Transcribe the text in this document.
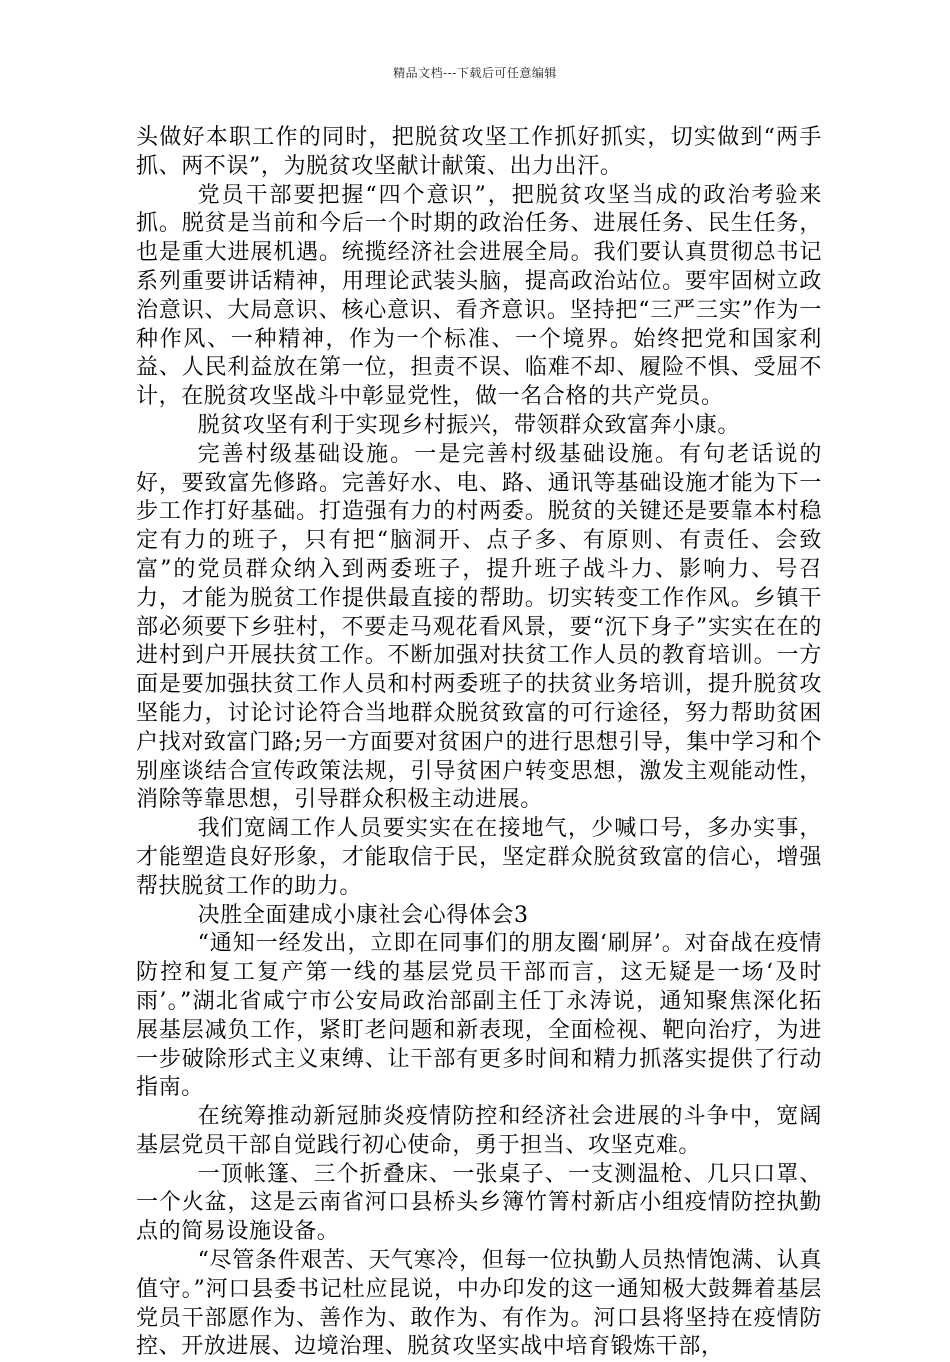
精品文档---下载后可任意编辑

头做好本职工作的同时，把脱贫攻坚工作抓好抓实，切实做到“两手抓、两不误”，为脱贫攻坚献计献策、出力出汗。

党员干部要把握“四个意识”，把脱贫攻坚当成的政治考验来抓。脱贫是当前和今后一个时期的政治任务、进展任务、民生任务，也是重大进展机遇。统揽经济社会进展全局。我们要认真贯彻总书记系列重要讲话精神，用理论武装头脑，提高政治站位。要牢固树立政治意识、大局意识、核心意识、看齐意识。坚持把“三严三实”作为一种作风、一种精神，作为一个标准、一个境界。始终把党和国家利益、人民利益放在第一位，担责不误、临难不却、履险不惧、受屈不计，在脱贫攻坚战斗中彰显党性，做一名合格的共产党员。

脱贫攻坚有利于实现乡村振兴，带领群众致富奔小康。

完善村级基础设施。一是完善村级基础设施。有句老话说的好，要致富先修路。完善好水、电、路、通讯等基础设施才能为下一步工作打好基础。打造强有力的村两委。脱贫的关键还是要靠本村稳定有力的班子，只有把“脑洞开、点子多、有原则、有责任、会致富”的党员群众纳入到两委班子，提升班子战斗力、影响力、号召力，才能为脱贫工作提供最直接的帮助。切实转变工作作风。乡镇干部必须要下乡驻村，不要走马观花看风景，要“沉下身子”实实在在的进村到户开展扶贫工作。不断加强对扶贫工作人员的教育培训。一方面是要加强扶贫工作人员和村两委班子的扶贫业务培训，提升脱贫攻坚能力，讨论讨论符合当地群众脱贫致富的可行途径，努力帮助贫困户找对致富门路;另一方面要对贫困户的进行思想引导，集中学习和个别座谈结合宣传政策法规，引导贫困户转变思想，激发主观能动性，消除等靠思想，引导群众积极主动进展。

我们宽阔工作人员要实实在在接地气，少喊口号，多办实事，才能塑造良好形象，才能取信于民，坚定群众脱贫致富的信心，增强帮扶脱贫工作的助力。

决胜全面建成小康社会心得体会3

“通知一经发出，立即在同事们的朋友圈‘刷屏’。对奋战在疫情防控和复工复产第一线的基层党员干部而言，这无疑是一场‘及时雨’。”湖北省咸宁市公安局政治部副主任丁永涛说，通知聚焦深化拓展基层减负工作，紧盯老问题和新表现，全面检视、靶向治疗，为进一步破除形式主义束缚、让干部有更多时间和精力抓落实提供了行动指南。

在统筹推动新冠肺炎疫情防控和经济社会进展的斗争中，宽阔基层党员干部自觉践行初心使命，勇于担当、攻坚克难。

一顶帐篷、三个折叠床、一张桌子、一支测温枪、几只口罩、一个火盆，这是云南省河口县桥头乡簿竹箐村新店小组疫情防控执勤点的简易设施设备。

“尽管条件艰苦、天气寒冷，但每一位执勤人员热情饱满、认真值守。”河口县委书记杜应昆说，中办印发的这一通知极大鼓舞着基层党员干部愿作为、善作为、敢作为、有作为。河口县将坚持在疫情防控、开放进展、边境治理、脱贫攻坚实战中培育锻炼干部，
